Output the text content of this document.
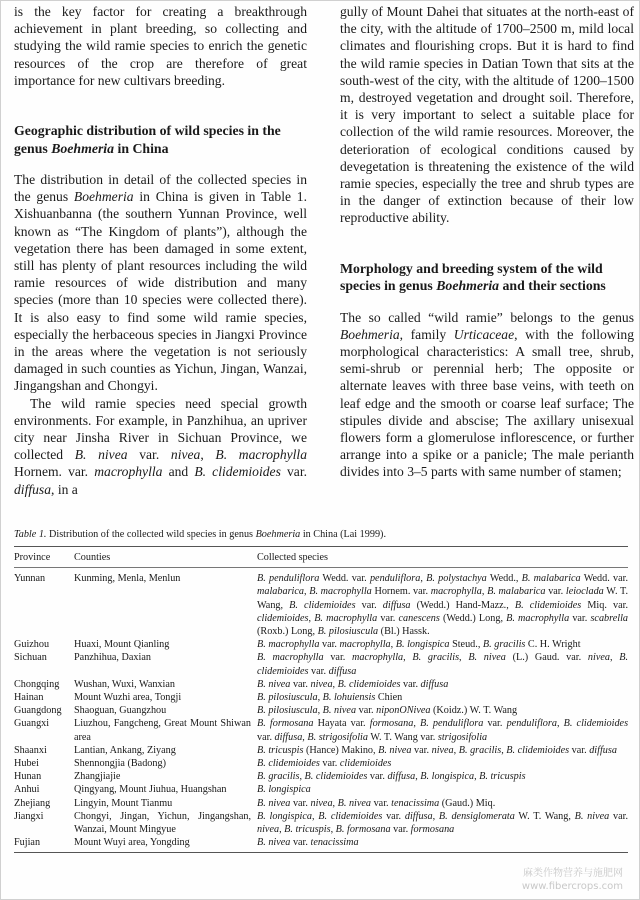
is the key factor for creating a breakthrough achievement in plant breeding, so collecting and studying the wild ramie species to enrich the genetic resources of the crop are therefore of great importance for new cultivars breeding.

Geographic distribution of wild species in the genus Boehmeria in China

The distribution in detail of the collected species in the genus Boehmeria in China is given in Table 1. Xishuanbanna (the southern Yunnan Province, well known as “The Kingdom of plants”), although the vegetation there has been damaged in some extent, still has plenty of plant resources including the wild ramie resources of wide distribution and many species (more than 10 species were collected there). It is also easy to find some wild ramie species, especially the herbaceous species in Jiangxi Province in the areas where the vegetation is not seriously damaged in such counties as Yichun, Jingan, Wanzai, Jingangshan and Chongyi.

The wild ramie species need special growth environments. For example, in Panzhihua, an upriver city near Jinsha River in Sichuan Province, we collected B. nivea var. nivea, B. macrophylla Hornem. var. macrophylla and B. clidemioides var. diffusa, in a

gully of Mount Dahei that situates at the north-east of the city, with the altitude of 1700–2500 m, mild local climates and flourishing crops. But it is hard to find the wild ramie species in Datian Town that sits at the south-west of the city, with the altitude of 1200–1500 m, destroyed vegetation and drought soil. Therefore, it is very important to select a suitable place for collection of the wild ramie resources. Moreover, the deterioration of ecological conditions caused by devegetation is threatening the existence of the wild ramie species, especially the tree and shrub types are in the danger of extinction because of their low reproductive ability.

Morphology and breeding system of the wild species in genus Boehmeria and their sections

The so called “wild ramie” belongs to the genus Boehmeria, family Urticaceae, with the following morphological characteristics: A small tree, shrub, semi-shrub or perennial herb; The opposite or alternate leaves with three base veins, with teeth on leaf edge and the smooth or coarse leaf surface; The stipules divide and abscise; The axillary unisexual flowers form a glomerulose inflorescence, or further arrange into a spike or a panicle; The male perianth divides into 3–5 parts with same number of stamen;

Table 1. Distribution of the collected wild species in genus Boehmeria in China (Lai 1999).
Province	Counties	Collected species
Yunnan	Kunming, Menla, Menlun	B. penduliflora Wedd. var. penduliflora, B. polystachya Wedd., B. malabarica Wedd. var. malabarica, B. macrophylla Hornem. var. macrophylla, B. malabarica var. leioclada W. T. Wang, B. clidemioides var. diffusa (Wedd.) Hand-Mazz., B. clidemioides Miq. var. clidemioides, B. macrophylla var. canescens (Wedd.) Long, B. macrophylla var. scabrella (Roxb.) Long, B. pilosiuscula (Bl.) Hassk.
Guizhou	Huaxi, Mount Qianling	B. macrophylla var. macrophylla, B. longispica Steud., B. gracilis C. H. Wright
Sichuan	Panzhihua, Daxian	B. macrophylla var. macrophylla, B. gracilis, B. nivea (L.) Gaud. var. nivea, B. clidemioides var. diffusa
Chongqing	Wushan, Wuxi, Wanxian	B. nivea var. nivea, B. clidemioides var. diffusa
Hainan	Mount Wuzhi area, Tongji	B. pilosiuscula, B. lohuiensis Chien
Guangdong	Shaoguan, Guangzhou	B. pilosiuscula, B. nivea var. niponONivea (Koidz.) W. T. Wang
Guangxi	Liuzhou, Fangcheng, Great Mount Shiwan area	B. formosana Hayata var. formosana, B. penduliflora var. penduliflora, B. clidemioides var. diffusa, B. strigosifolia W. T. Wang var. strigosifolia
Shaanxi	Lantian, Ankang, Ziyang	B. tricuspis (Hance) Makino, B. nivea var. nivea, B. gracilis, B. clidemioides var. diffusa
Hubei	Shennongjia (Badong)	B. clidemioides var. clidemioides
Hunan	Zhangjiajie	B. gracilis, B. clidemioides var. diffusa, B. longispica, B. tricuspis
Anhui	Qingyang, Mount Jiuhua, Huangshan	B. longispica
Zhejiang	Lingyin, Mount Tianmu	B. nivea var. nivea, B. nivea var. tenacissima (Gaud.) Miq.
Jiangxi	Chongyi, Jingan, Yichun, Jingangshan, Wanzai, Mount Mingyue	B. longispica, B. clidemioides var. diffusa, B. densiglomerata W. T. Wang, B. nivea var. nivea, B. tricuspis, B. formosana var. formosana
Fujian	Mount Wuyi area, Yongding	B. nivea var. tenacissima
麻类作物营养与施肥网
www.fibercrops.com
